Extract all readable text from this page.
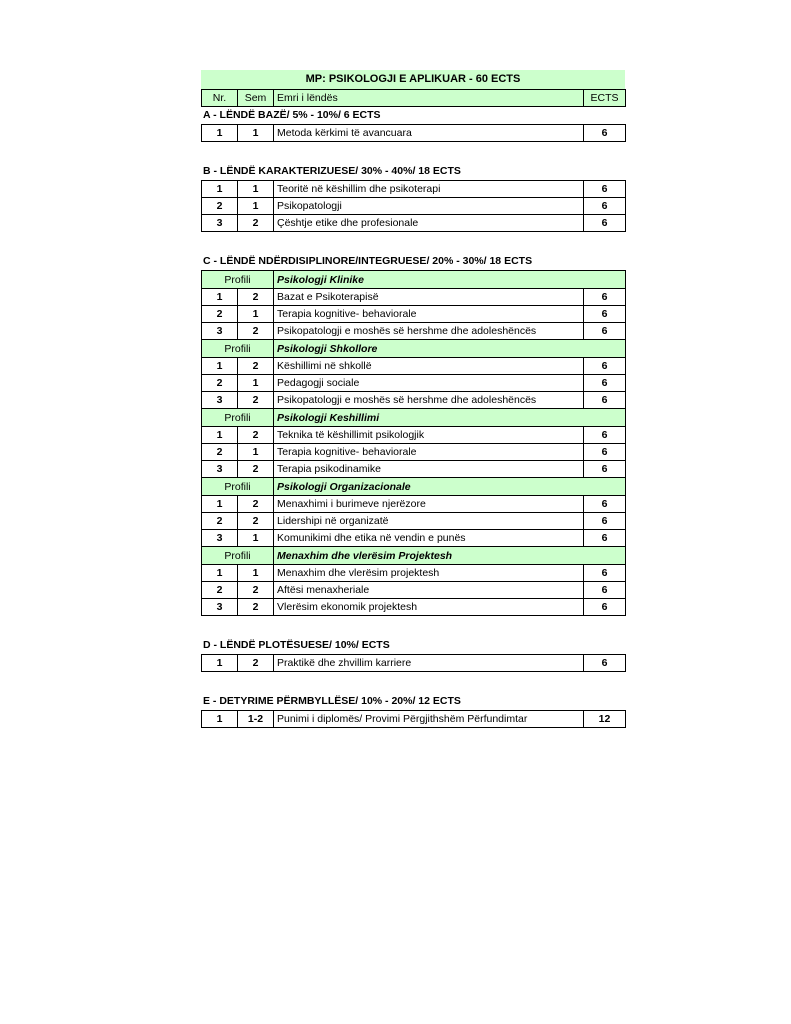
MP: PSIKOLOGJI E APLIKUAR - 60 ECTS
Nr.	Sem	Emri i lëndës	ECTS
A - LËNDË BAZË/ 5% - 10%/ 6 ECTS
1	1	Metoda kërkimi të avancuara	6
B - LËNDË KARAKTERIZUESE/ 30% - 40%/ 18 ECTS
1	1	Teoritë në këshillim dhe psikoterapi	6
2	1	Psikopatologji	6
3	2	Çështje etike dhe profesionale	6
C - LËNDË NDËRDISIPLINORE/INTEGRUESE/ 20% - 30%/ 18 ECTS
Profili		Psikologji Klinike	
1	2	Bazat e Psikoterapisë	6
2	1	Terapia kognitive- behaviorale	6
3	2	Psikopatologji e moshës së hershme dhe adoleshëncës	6
Profili		Psikologji Shkollore	
1	2	Këshillimi në shkollë	6
2	1	Pedagogji sociale	6
3	2	Psikopatologji e moshës së hershme dhe adoleshëncës	6
Profili		Psikologji Keshillimi	
1	2	Teknika të këshillimit psikologjik	6
2	1	Terapia kognitive- behaviorale	6
3	2	Terapia psikodinamike	6
Profili		Psikologji Organizacionale	
1	2	Menaxhimi i burimeve njerëzore	6
2	2	Lidershipi në organizatë	6
3	1	Komunikimi dhe etika në vendin e punës	6
Profili		Menaxhim dhe vlerësim Projektesh	
1	1	Menaxhim dhe vlerësim projektesh	6
2	2	Aftësi menaxheriale	6
3	2	Vlerësim ekonomik projektesh	6
D - LËNDË PLOTËSUESE/ 10%/ ECTS
1	2	Praktikë dhe zhvillim karriere	6
E - DETYRIME PËRMBYLLËSE/ 10% - 20%/ 12 ECTS
1	1-2	Punimi i diplomës/ Provimi Përgjithshëm Përfundimtar	12
